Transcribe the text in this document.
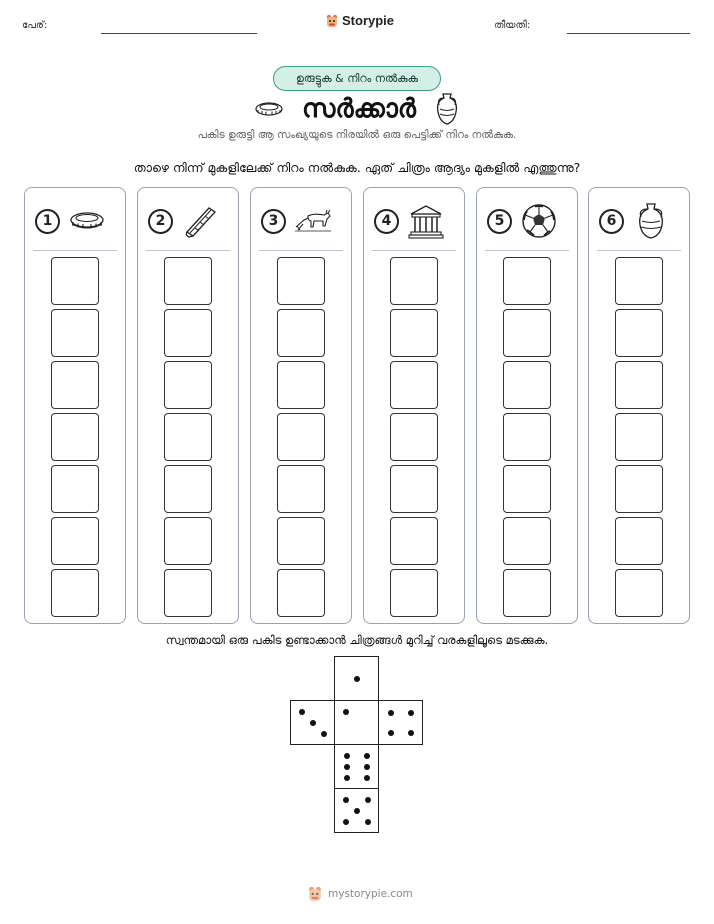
പേര്:	Storypie	തീയതി:
ഉരുട്ടുക & നിറം നൽകുക
സർക്കാർ
പകിട ഉരുട്ടി ആ സംഖ്യയുടെ നിരയിൽ ഒരു പെട്ടിക്ക് നിറം നൽകുക.
താഴെ നിന്ന് മുകളിലേക്ക് നിറം നൽകുക. ഏത് ചിത്രം ആദ്യം മുകളിൽ എത്തുന്നു?
1	2	3	4	5	6
സ്വന്തമായി ഒരു പകിട ഉണ്ടാക്കാൻ ചിത്രങ്ങൾ മുറിച്ച് വരകളിലൂടെ മടക്കുക.
mystorypie.com
